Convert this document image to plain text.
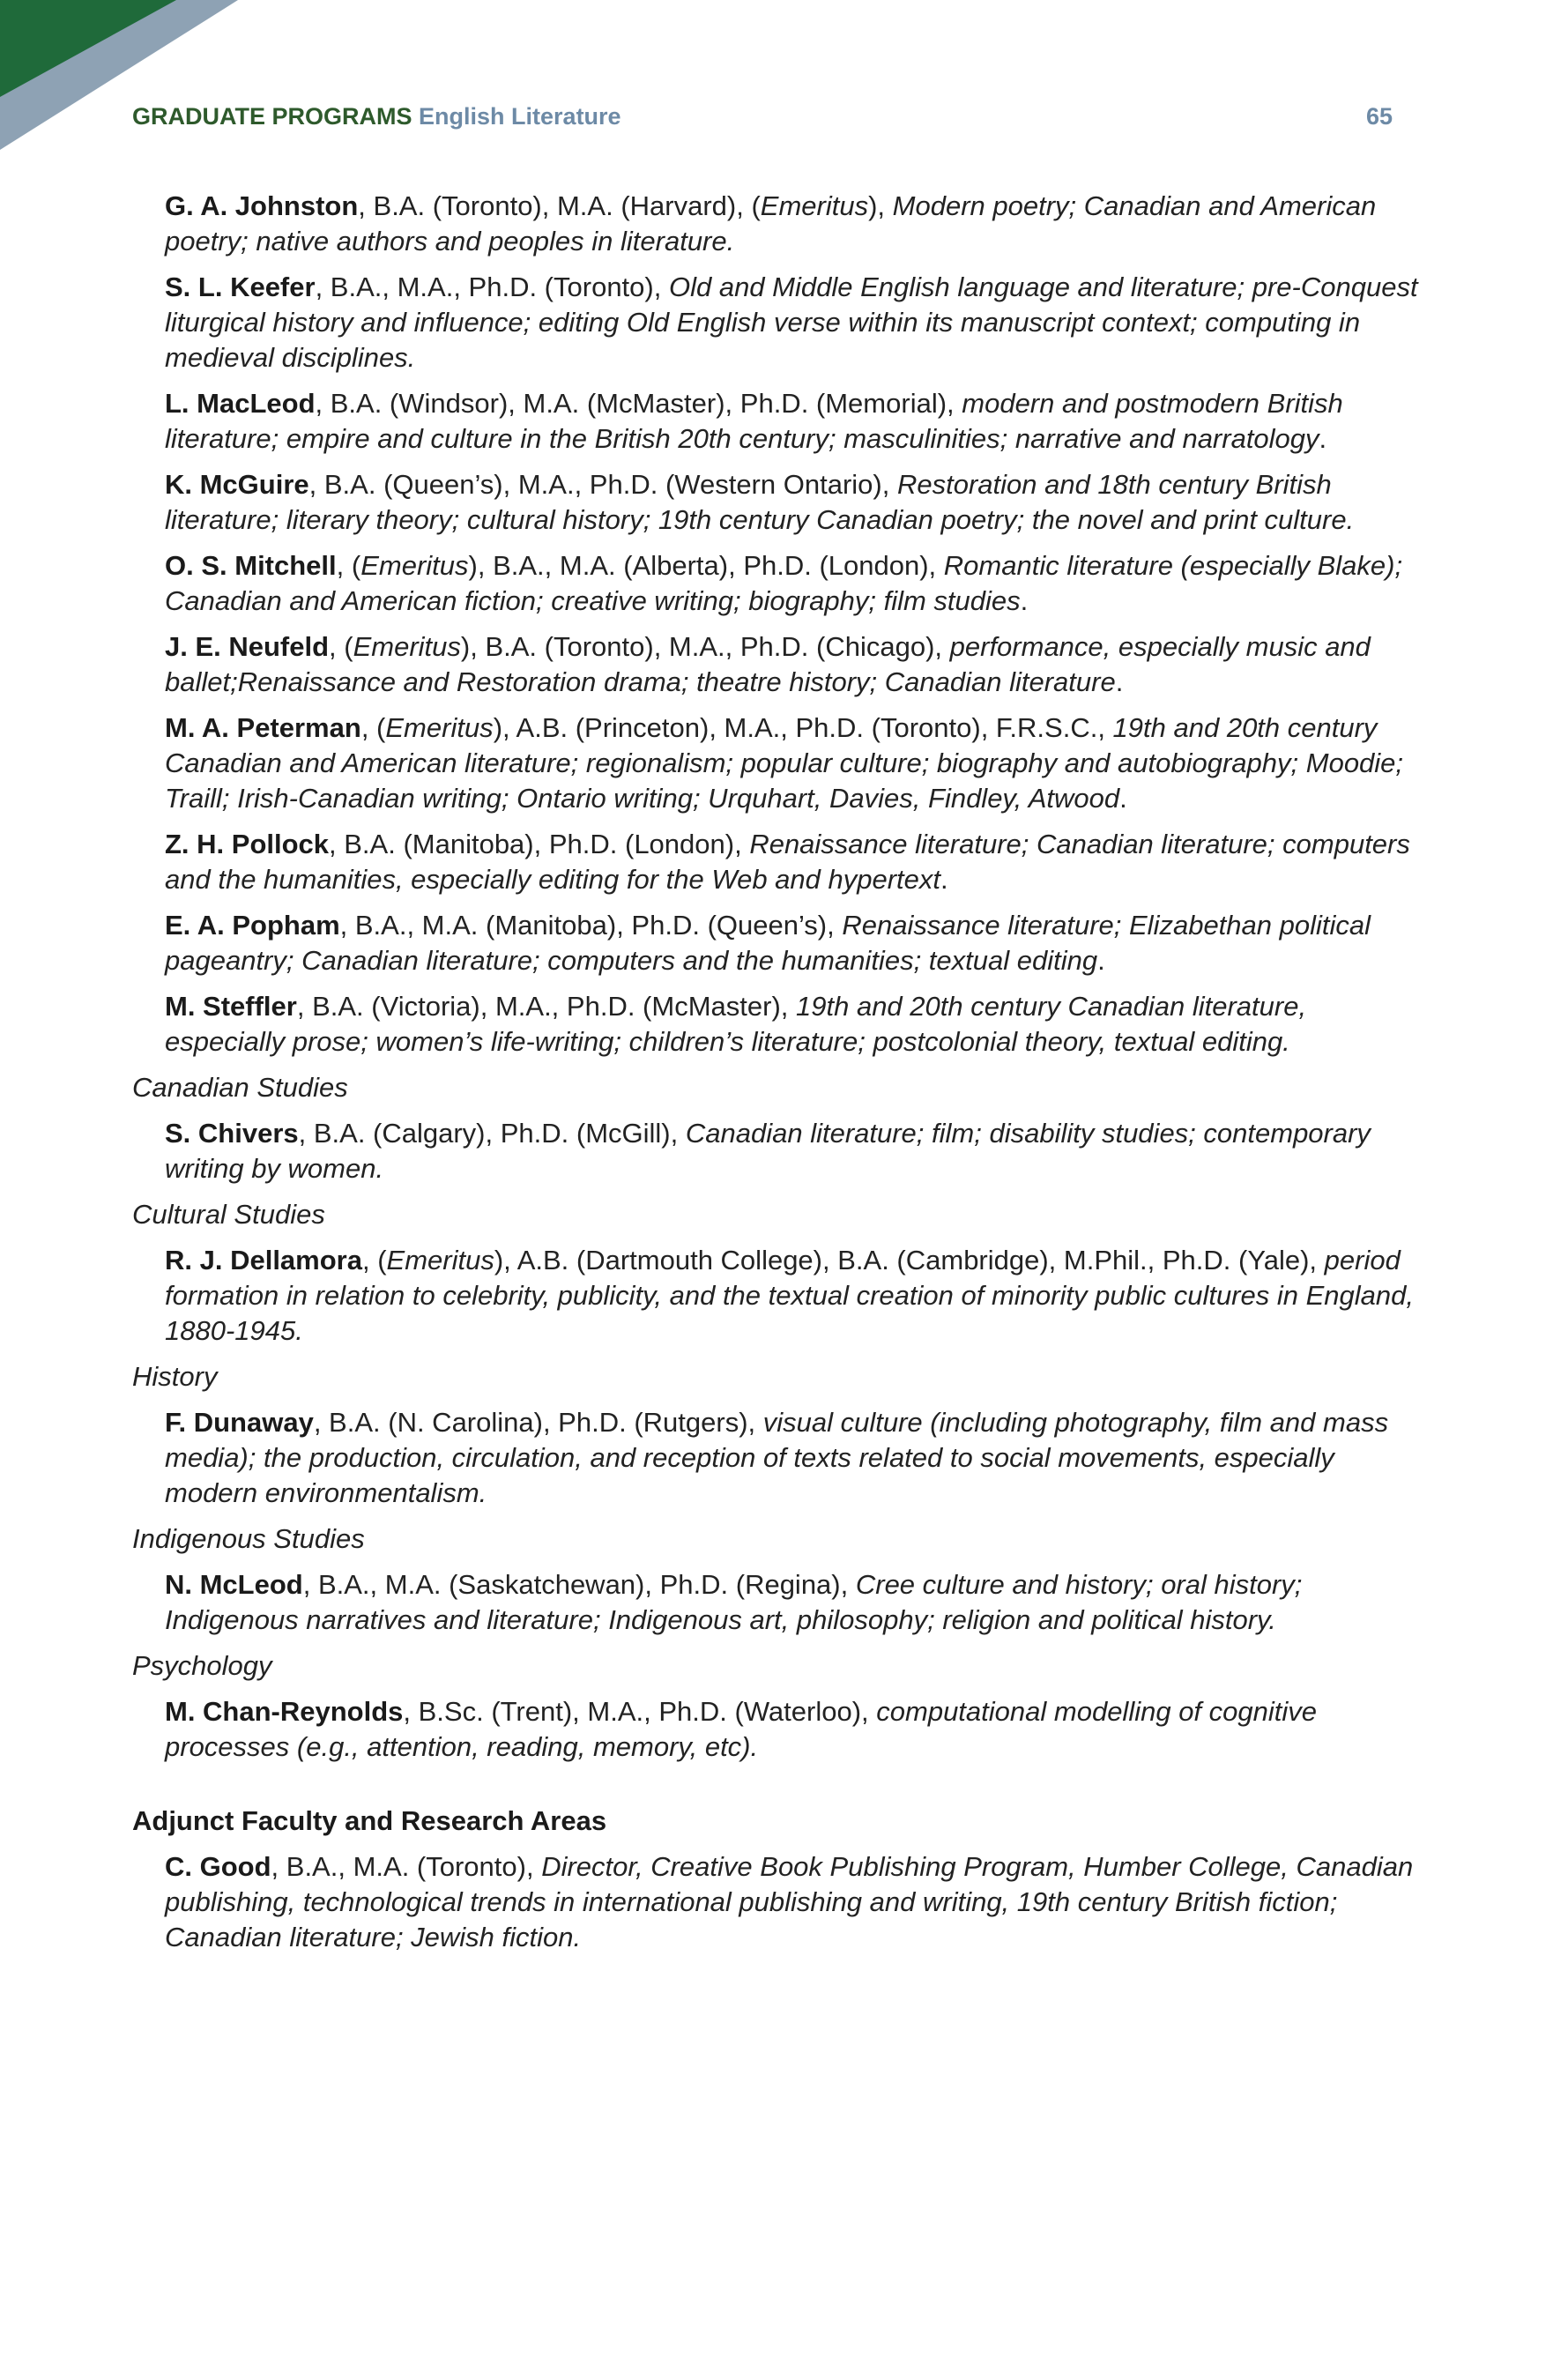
GRADUATE PROGRAMS English Literature	65
G. A. Johnston, B.A. (Toronto), M.A. (Harvard), (Emeritus), Modern poetry; Canadian and American poetry; native authors and peoples in literature.
S. L. Keefer, B.A., M.A., Ph.D. (Toronto), Old and Middle English language and literature; pre-Conquest liturgical history and influence; editing Old English verse within its manuscript context; computing in medieval disciplines.
L. MacLeod, B.A. (Windsor), M.A. (McMaster), Ph.D. (Memorial), modern and postmodern British literature; empire and culture in the British 20th century; masculinities; narrative and narratology.
K. McGuire, B.A. (Queen’s), M.A., Ph.D. (Western Ontario), Restoration and 18th century British literature; literary theory; cultural history; 19th century Canadian poetry; the novel and print culture.
O. S. Mitchell, (Emeritus), B.A., M.A. (Alberta), Ph.D. (London), Romantic literature (especially Blake); Canadian and American fiction; creative writing; biography; film studies.
J. E. Neufeld, (Emeritus), B.A. (Toronto), M.A., Ph.D. (Chicago), performance, especially music and ballet;Renaissance and Restoration drama; theatre history; Canadian literature.
M. A. Peterman, (Emeritus), A.B. (Princeton), M.A., Ph.D. (Toronto), F.R.S.C., 19th and 20th century Canadian and American literature; regionalism; popular culture; biography and autobiography; Moodie; Traill; Irish-Canadian writing; Ontario writing; Urquhart, Davies, Findley, Atwood.
Z. H. Pollock, B.A. (Manitoba), Ph.D. (London), Renaissance literature; Canadian literature; computers and the humanities, especially editing for the Web and hypertext.
E. A. Popham, B.A., M.A. (Manitoba), Ph.D. (Queen’s), Renaissance literature; Elizabethan political pageantry; Canadian literature; computers and the humanities; textual editing.
M. Steffler, B.A. (Victoria), M.A., Ph.D. (McMaster), 19th and 20th century Canadian literature, especially prose; women’s life-writing; children’s literature; postcolonial theory, textual editing.
Canadian Studies
S. Chivers, B.A. (Calgary), Ph.D. (McGill), Canadian literature; film; disability studies; contemporary writing by women.
Cultural Studies
R. J. Dellamora, (Emeritus), A.B. (Dartmouth College), B.A. (Cambridge), M.Phil., Ph.D. (Yale), period formation in relation to celebrity, publicity, and the textual creation of minority public cultures in England, 1880-1945.
History
F. Dunaway, B.A. (N. Carolina), Ph.D. (Rutgers), visual culture (including photography, film and mass media); the production, circulation, and reception of texts related to social movements, especially modern environmentalism.
Indigenous Studies
N. McLeod, B.A., M.A. (Saskatchewan), Ph.D. (Regina), Cree culture and history; oral history; Indigenous narratives and literature; Indigenous art, philosophy; religion and political history.
Psychology
M. Chan-Reynolds, B.Sc. (Trent), M.A., Ph.D. (Waterloo), computational modelling of cognitive processes (e.g., attention, reading, memory, etc).
Adjunct Faculty and Research Areas
C. Good, B.A., M.A. (Toronto), Director, Creative Book Publishing Program, Humber College, Canadian publishing, technological trends in international publishing and writing, 19th century British fiction; Canadian literature; Jewish fiction.
